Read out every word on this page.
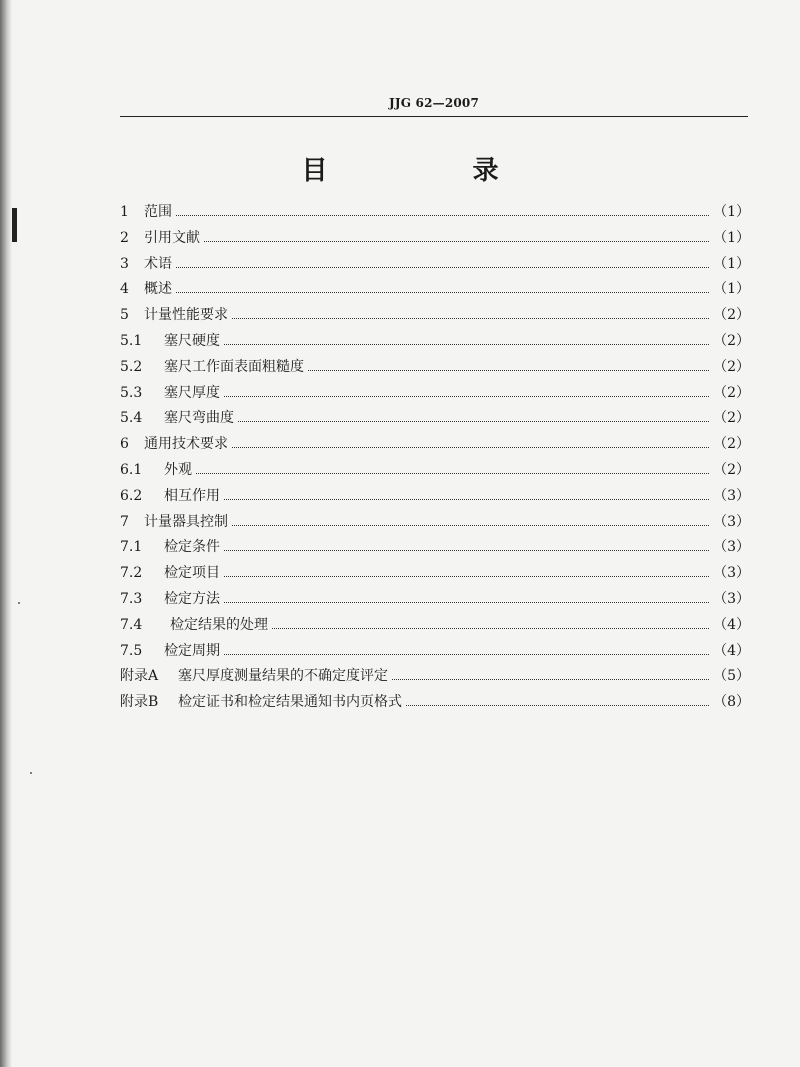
JJG 62—2007
目 录
1	范围	（1）
2	引用文献	（1）
3	术语	（1）
4	概述	（1）
5	计量性能要求	（2）
5.1	塞尺硬度	（2）
5.2	塞尺工作面表面粗糙度	（2）
5.3	塞尺厚度	（2）
5.4	塞尺弯曲度	（2）
6	通用技术要求	（2）
6.1	外观	（2）
6.2	相互作用	（3）
7	计量器具控制	（3）
7.1	检定条件	（3）
7.2	检定项目	（3）
7.3	检定方法	（3）
7.4	检定结果的处理	（4）
7.5	检定周期	（4）
附录A	塞尺厚度测量结果的不确定度评定	（5）
附录B	检定证书和检定结果通知书内页格式	（8）
